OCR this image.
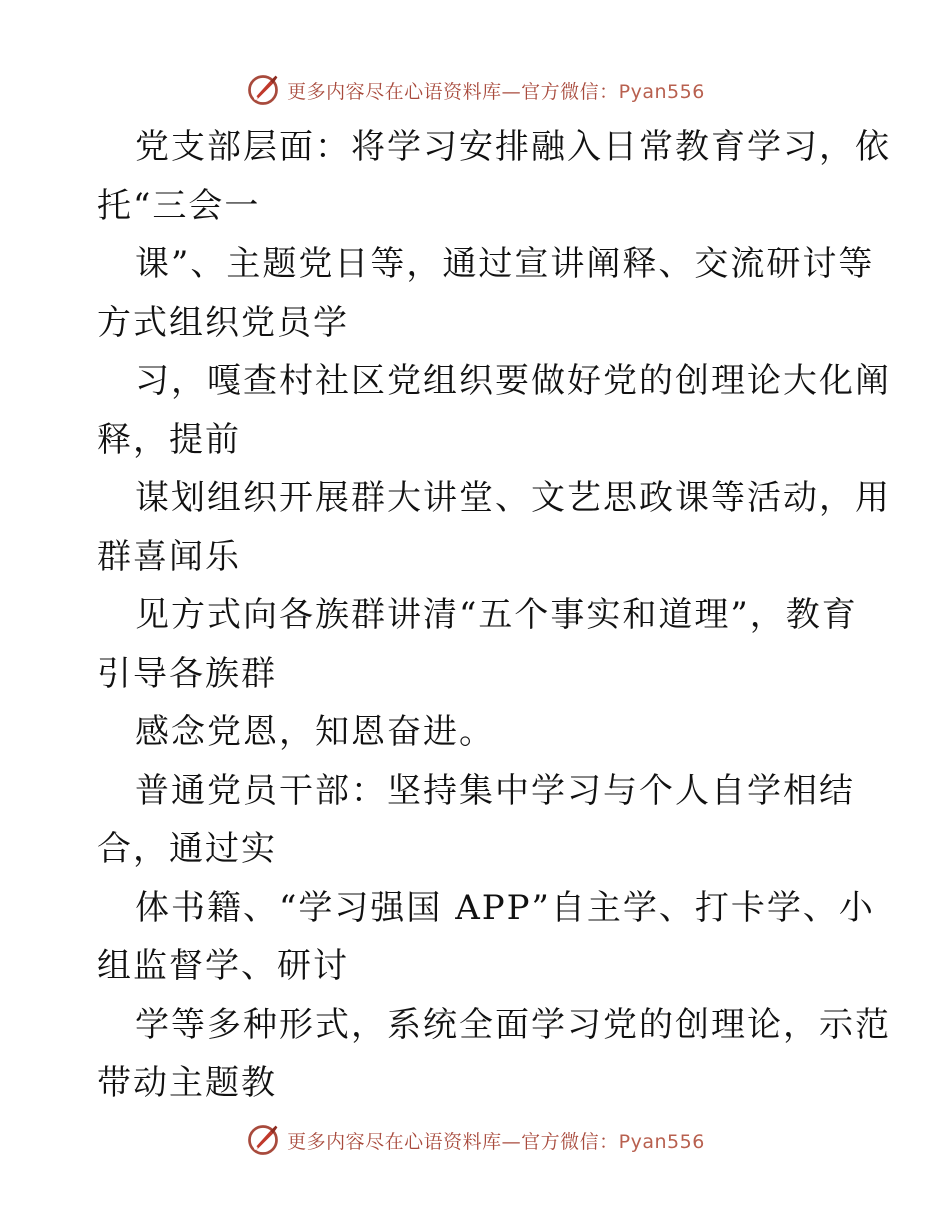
更多内容尽在心语资料库—官方微信：Pyan556
党支部层面：将学习安排融入日常教育学习，依
托“三会一
课”、主题党日等，通过宣讲阐释、交流研讨等
方式组织党员学
习，嘎查村社区党组织要做好党的创理论大化阐
释，提前
谋划组织开展群大讲堂、文艺思政课等活动，用
群喜闻乐
见方式向各族群讲清“五个事实和道理”，教育
引导各族群
感念党恩，知恩奋进。
普通党员干部：坚持集中学习与个人自学相结
合，通过实
体书籍、“学习强国 APP”自主学、打卡学、小
组监督学、研讨
学等多种形式，系统全面学习党的创理论，示范
带动主题教
更多内容尽在心语资料库—官方微信：Pyan556
